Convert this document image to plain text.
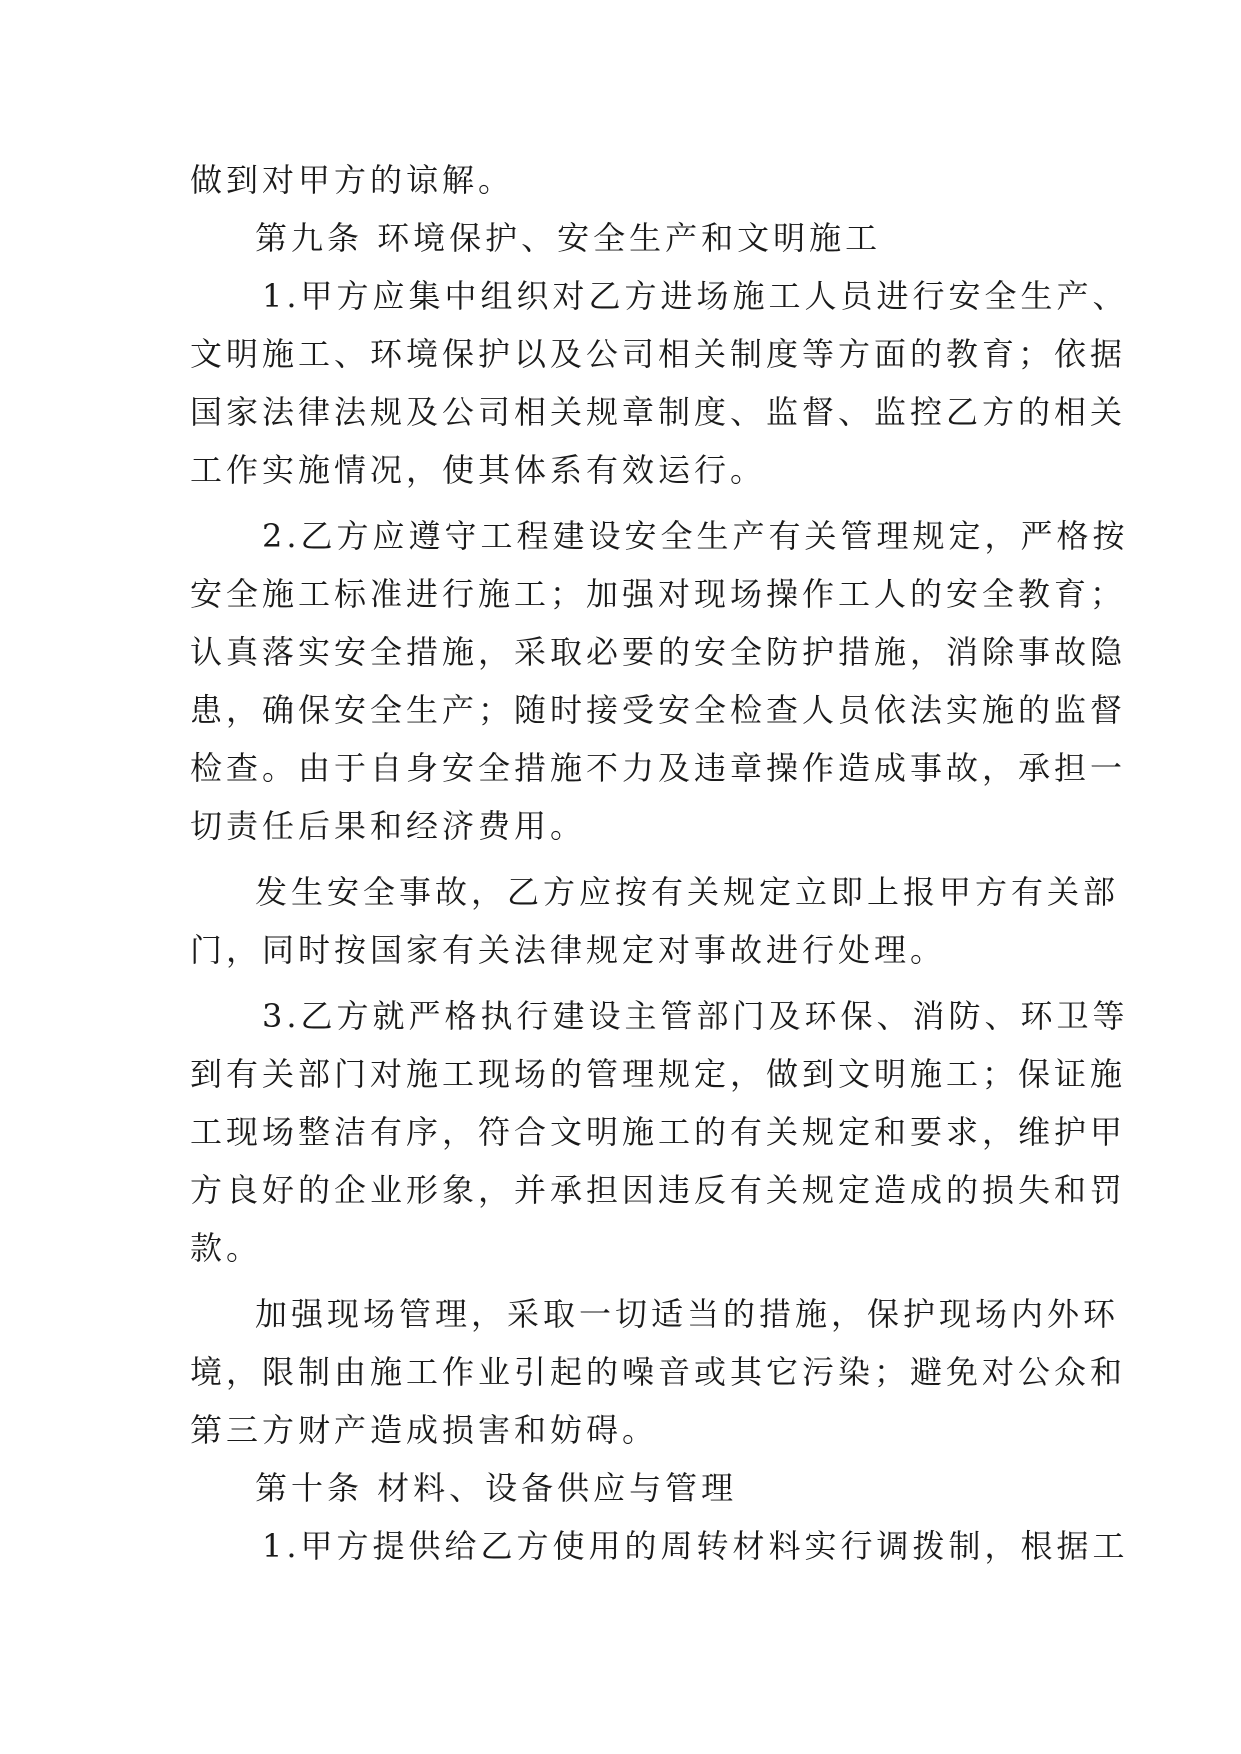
做到对甲方的谅解。
第九条 环境保护、安全生产和文明施工
1.甲方应集中组织对乙方进场施工人员进行安全生产、
文明施工、环境保护以及公司相关制度等方面的教育；依据
国家法律法规及公司相关规章制度、监督、监控乙方的相关
工作实施情况，使其体系有效运行。
2.乙方应遵守工程建设安全生产有关管理规定，严格按
安全施工标准进行施工；加强对现场操作工人的安全教育；
认真落实安全措施，采取必要的安全防护措施，消除事故隐
患，确保安全生产；随时接受安全检查人员依法实施的监督
检查。由于自身安全措施不力及违章操作造成事故，承担一
切责任后果和经济费用。
发生安全事故，乙方应按有关规定立即上报甲方有关部
门，同时按国家有关法律规定对事故进行处理。
3.乙方就严格执行建设主管部门及环保、消防、环卫等
到有关部门对施工现场的管理规定，做到文明施工；保证施
工现场整洁有序，符合文明施工的有关规定和要求，维护甲
方良好的企业形象，并承担因违反有关规定造成的损失和罚
款。
加强现场管理，采取一切适当的措施，保护现场内外环
境，限制由施工作业引起的噪音或其它污染；避免对公众和
第三方财产造成损害和妨碍。
第十条 材料、设备供应与管理
1.甲方提供给乙方使用的周转材料实行调拨制，根据工
